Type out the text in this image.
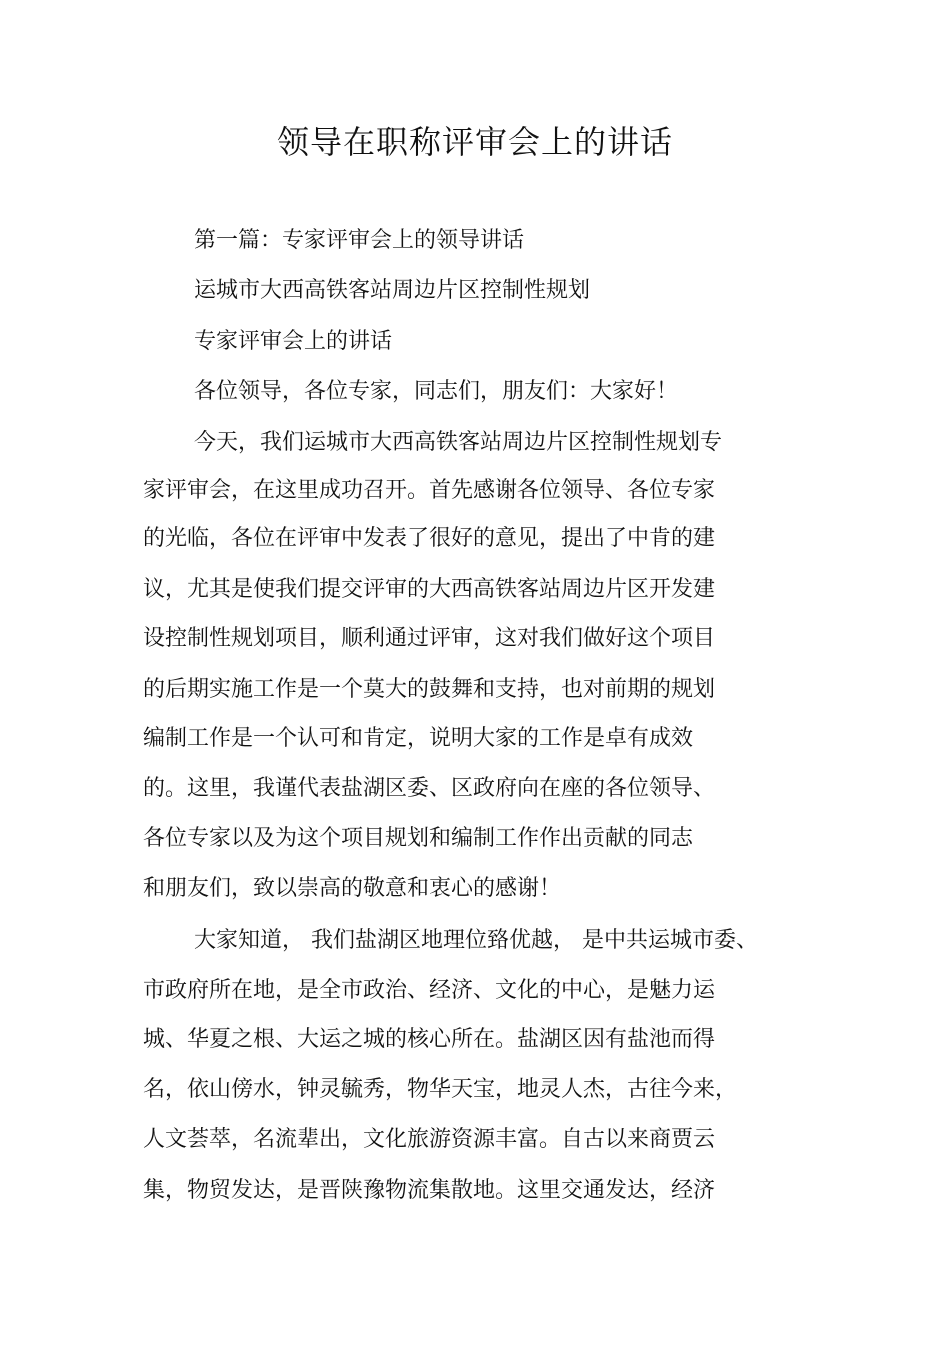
领导在职称评审会上的讲话
第一篇：专家评审会上的领导讲话
运城市大西高铁客站周边片区控制性规划
专家评审会上的讲话
各位领导，各位专家，同志们，朋友们：大家好！
今天，我们运城市大西高铁客站周边片区控制性规划专
家评审会，在这里成功召开。首先感谢各位领导、各位专家
的光临，各位在评审中发表了很好的意见，提出了中肯的建
议，尤其是使我们提交评审的大西高铁客站周边片区开发建
设控制性规划项目，顺利通过评审，这对我们做好这个项目
的后期实施工作是一个莫大的鼓舞和支持，也对前期的规划
编制工作是一个认可和肯定，说明大家的工作是卓有成效
的。这里，我谨代表盐湖区委、区政府向在座的各位领导、
各位专家以及为这个项目规划和编制工作作出贡献的同志
和朋友们，致以崇高的敬意和衷心的感谢！
大家知道， 我们盐湖区地理位臵优越， 是中共运城市委、
市政府所在地，是全市政治、经济、文化的中心，是魅力运
城、华夏之根、大运之城的核心所在。盐湖区因有盐池而得
名，依山傍水，钟灵毓秀，物华天宝，地灵人杰，古往今来，
人文荟萃，名流辈出，文化旅游资源丰富。自古以来商贾云
集，物贸发达，是晋陕豫物流集散地。这里交通发达，经济
